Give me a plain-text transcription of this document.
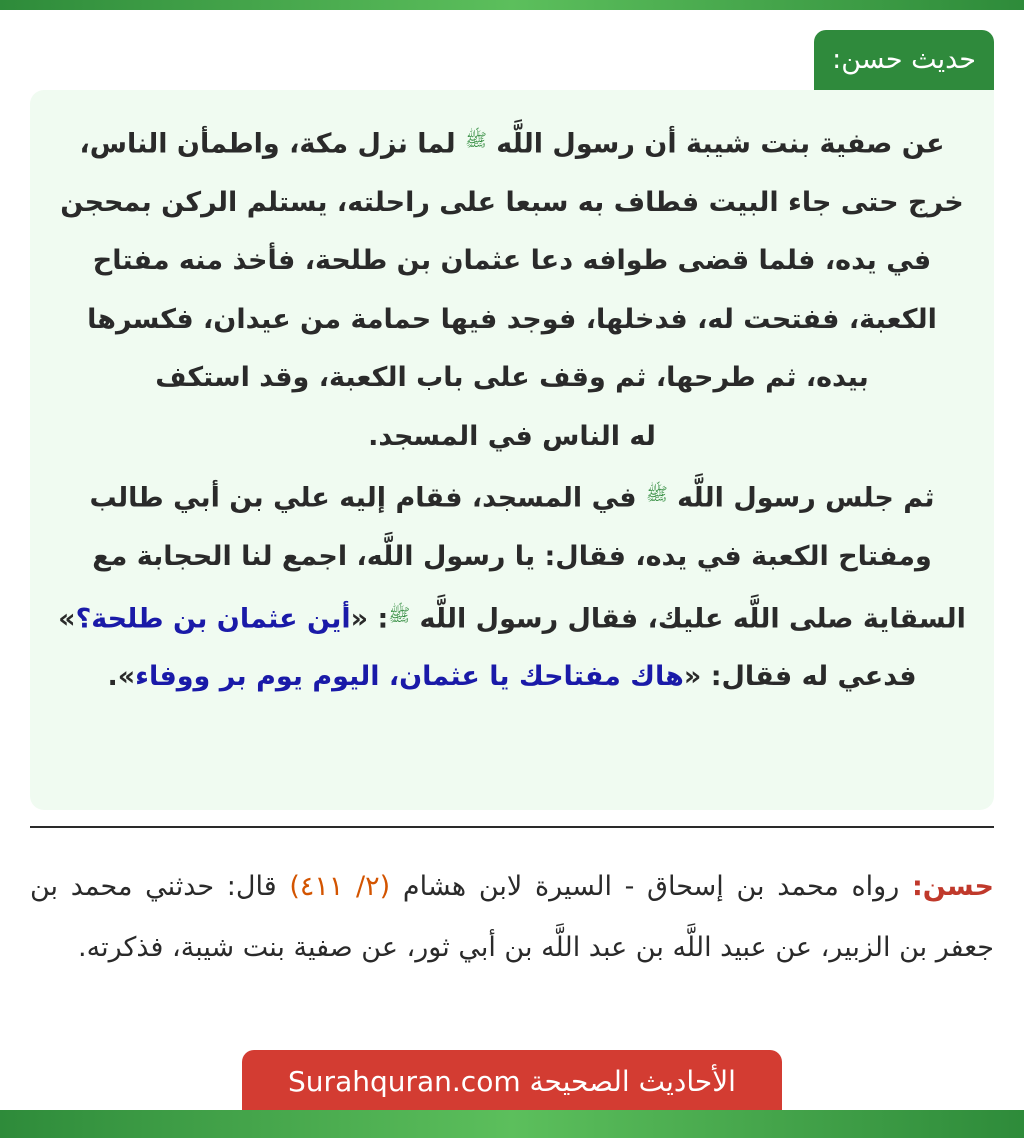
حديث حسن:
عن صفية بنت شيبة أن رسول اللَّه $^ﷺ$ لما نزل مكة، واطمأن الناس، خرج حتى جاء البيت فطاف به سبعا على راحلته، يستلم الركن بمحجن في يده، فلما قضى طوافه دعا عثمان بن طلحة، فأخذ منه مفتاح الكعبة، ففتحت له، فدخلها، فوجد فيها حمامة من عيدان، فكسرها بيده، ثم طرحها، ثم وقف على باب الكعبة، وقد استكف
له الناس في المسجد.
ثم جلس رسول اللَّه $^ﷺ$ في المسجد، فقام إليه علي بن أبي طالب ومفتاح الكعبة في يده، فقال: يا رسول اللَّه، اجمع لنا الحجابة مع السقاية صلى اللَّه عليك، فقال رسول اللَّه $^ﷺ$: «أين عثمان بن طلحة؟» فدعي له فقال: «هاك مفتاحك يا عثمان، اليوم يوم بر ووفاء».
حسن: رواه محمد بن إسحاق - السيرة لابن هشام (٢/ ٤١١) قال: حدثني محمد بن جعفر بن الزبير، عن عبيد اللَّه بن عبد اللَّه بن أبي ثور، عن صفية بنت شيبة، فذكرته.
الأحاديث الصحيحة Surahquran.com
